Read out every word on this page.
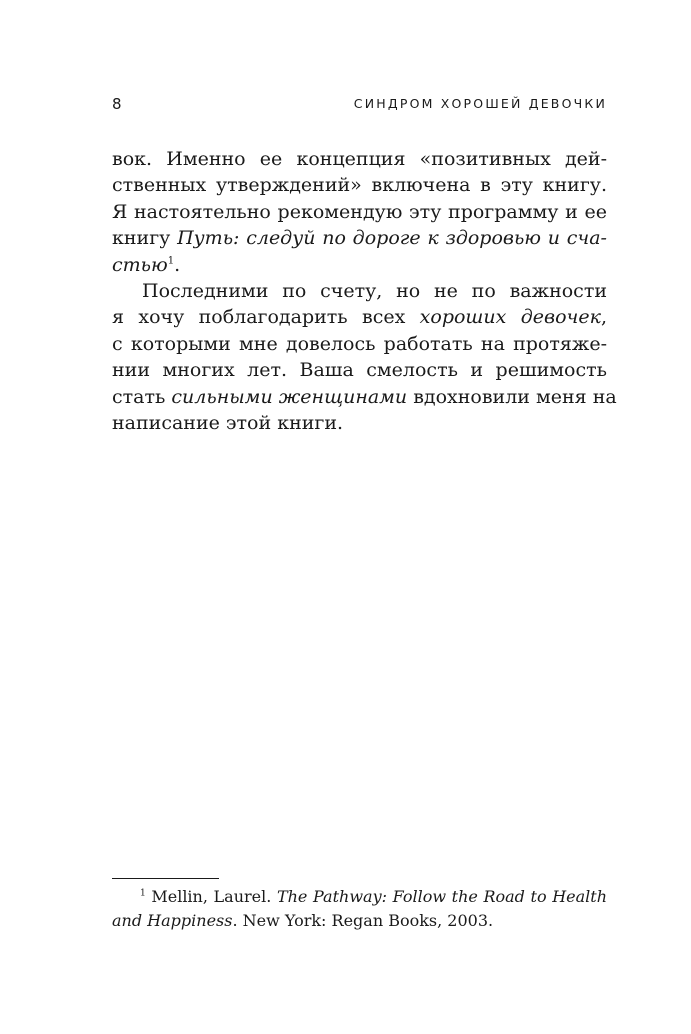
8	СИНДРОМ ХОРОШЕЙ ДЕВОЧКИ
вок. Именно ее концепция «позитивных дей-
ственных утверждений» включена в эту книгу.
Я настоятельно рекомендую эту программу и ее
книгу Путь: следуй по дороге к здоровью и сча-
стью$^1$.
Последними по счету, но не по важности
я хочу поблагодарить всех хороших девочек,
с которыми мне довелось работать на протяже-
нии многих лет. Ваша смелость и решимость
стать сильными женщинами вдохновили меня на
написание этой книги.
$^1$ Mellin, Laurel. The Pathway: Follow the Road to Health
and Happiness. New York: Regan Books, 2003.
